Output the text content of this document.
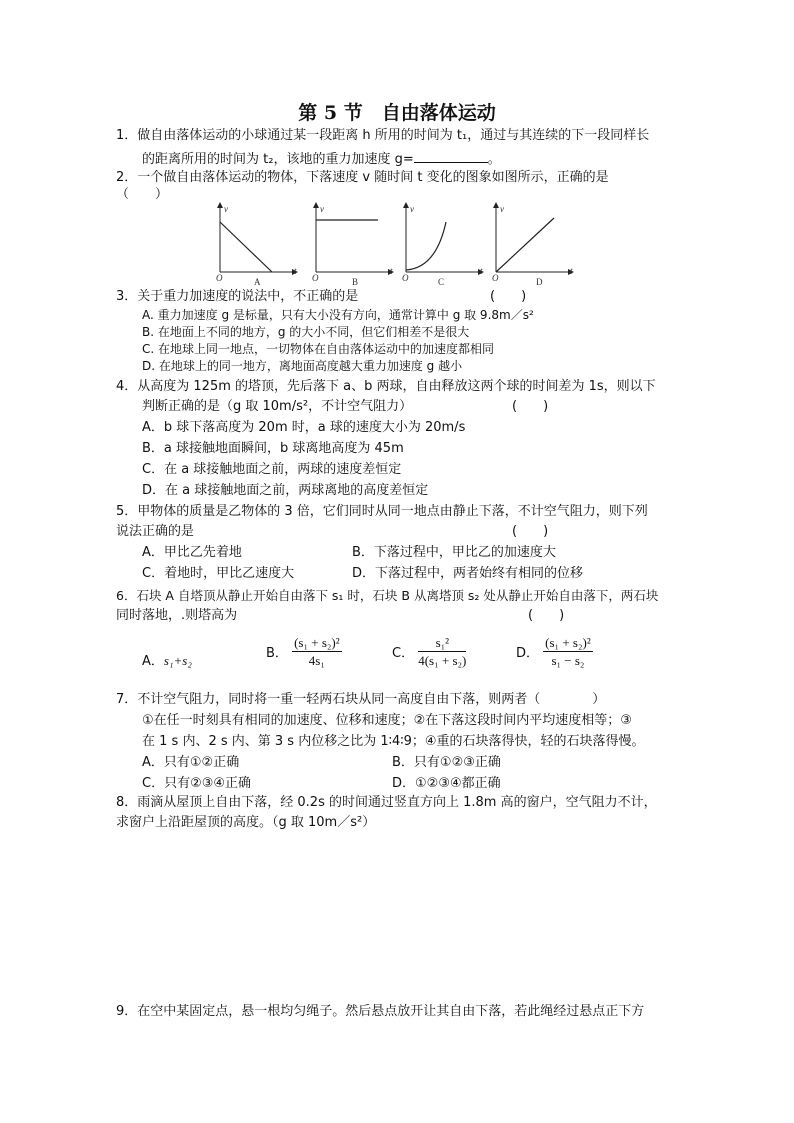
第 5 节　自由落体运动
1．做自由落体运动的小球通过某一段距离 h 所用的时间为 t₁，通过与其连续的下一段同样长
的距离所用的时间为 t₂，该地的重力加速度 g=	。
2．一个做自由落体运动的物体，下落速度 v 随时间 t 变化的图象如图所示，正确的是
（　　）
v
O
t
A
v
O
t
B
v
O
t
C
v
O
t
D
3．关于重力加速度的说法中，不正确的是	(　　)
A. 重力加速度 g 是标量，只有大小没有方向，通常计算中 g 取 9.8m／s²
B. 在地面上不同的地方，g 的大小不同，但它们相差不是很大
C. 在地球上同一地点，一切物体在自由落体运动中的加速度都相同
D. 在地球上的同一地方，离地面高度越大重力加速度 g 越小
4．从高度为 125m 的塔顶，先后落下 a、b 两球，自由释放这两个球的时间差为 1s，则以下
判断正确的是（g 取 10m/s²，不计空气阻力）	(　　)
A．b 球下落高度为 20m 时，a 球的速度大小为 20m/s
B．a 球接触地面瞬间，b 球离地高度为 45m
C．在 a 球接触地面之前，两球的速度差恒定
D．在 a 球接触地面之前，两球离地的高度差恒定
5．甲物体的质量是乙物体的 3 倍，它们同时从同一地点由静止下落，不计空气阻力，则下列
说法正确的是	(　　)
A．甲比乙先着地	B．下落过程中，甲比乙的加速度大
C．着地时，甲比乙速度大	D．下落过程中，两者始终有相同的位移
6．石块 A 自塔顶从静止开始自由落下 s₁ 时，石块 B 从离塔顶 s₂ 处从静止开始自由落下，两石块
同时落地，.则塔高为	(　　)
A．s₁+s₂	B． $\frac{\text{(s₁ + s₂)²}}{\text{4s₁}}$	C． $\frac{\text{s₁²}}{\text{4(s₁ + s₂)}}$	D． $\frac{\text{(s₁ + s₂)²}}{\text{s₁ − s₂}}$
7．不计空气阻力，同时将一重一轻两石块从同一高度自由下落，则两者（　　　　）
①在任一时刻具有相同的加速度、位移和速度；②在下落这段时间内平均速度相等；③
在 1 s 内、2 s 内、第 3 s 内位移之比为 1∶4∶9；④重的石块落得快，轻的石块落得慢。
A．只有①②正确	B．只有①②③正确
C．只有②③④正确	D．①②③④都正确
8．雨滴从屋顶上自由下落，经 0.2s 的时间通过竖直方向上 1.8m 高的窗户，空气阻力不计，
求窗户上沿距屋顶的高度。（g 取 10m／s²）
9．在空中某固定点，悬一根均匀绳子。然后悬点放开让其自由下落，若此绳经过悬点正下方
